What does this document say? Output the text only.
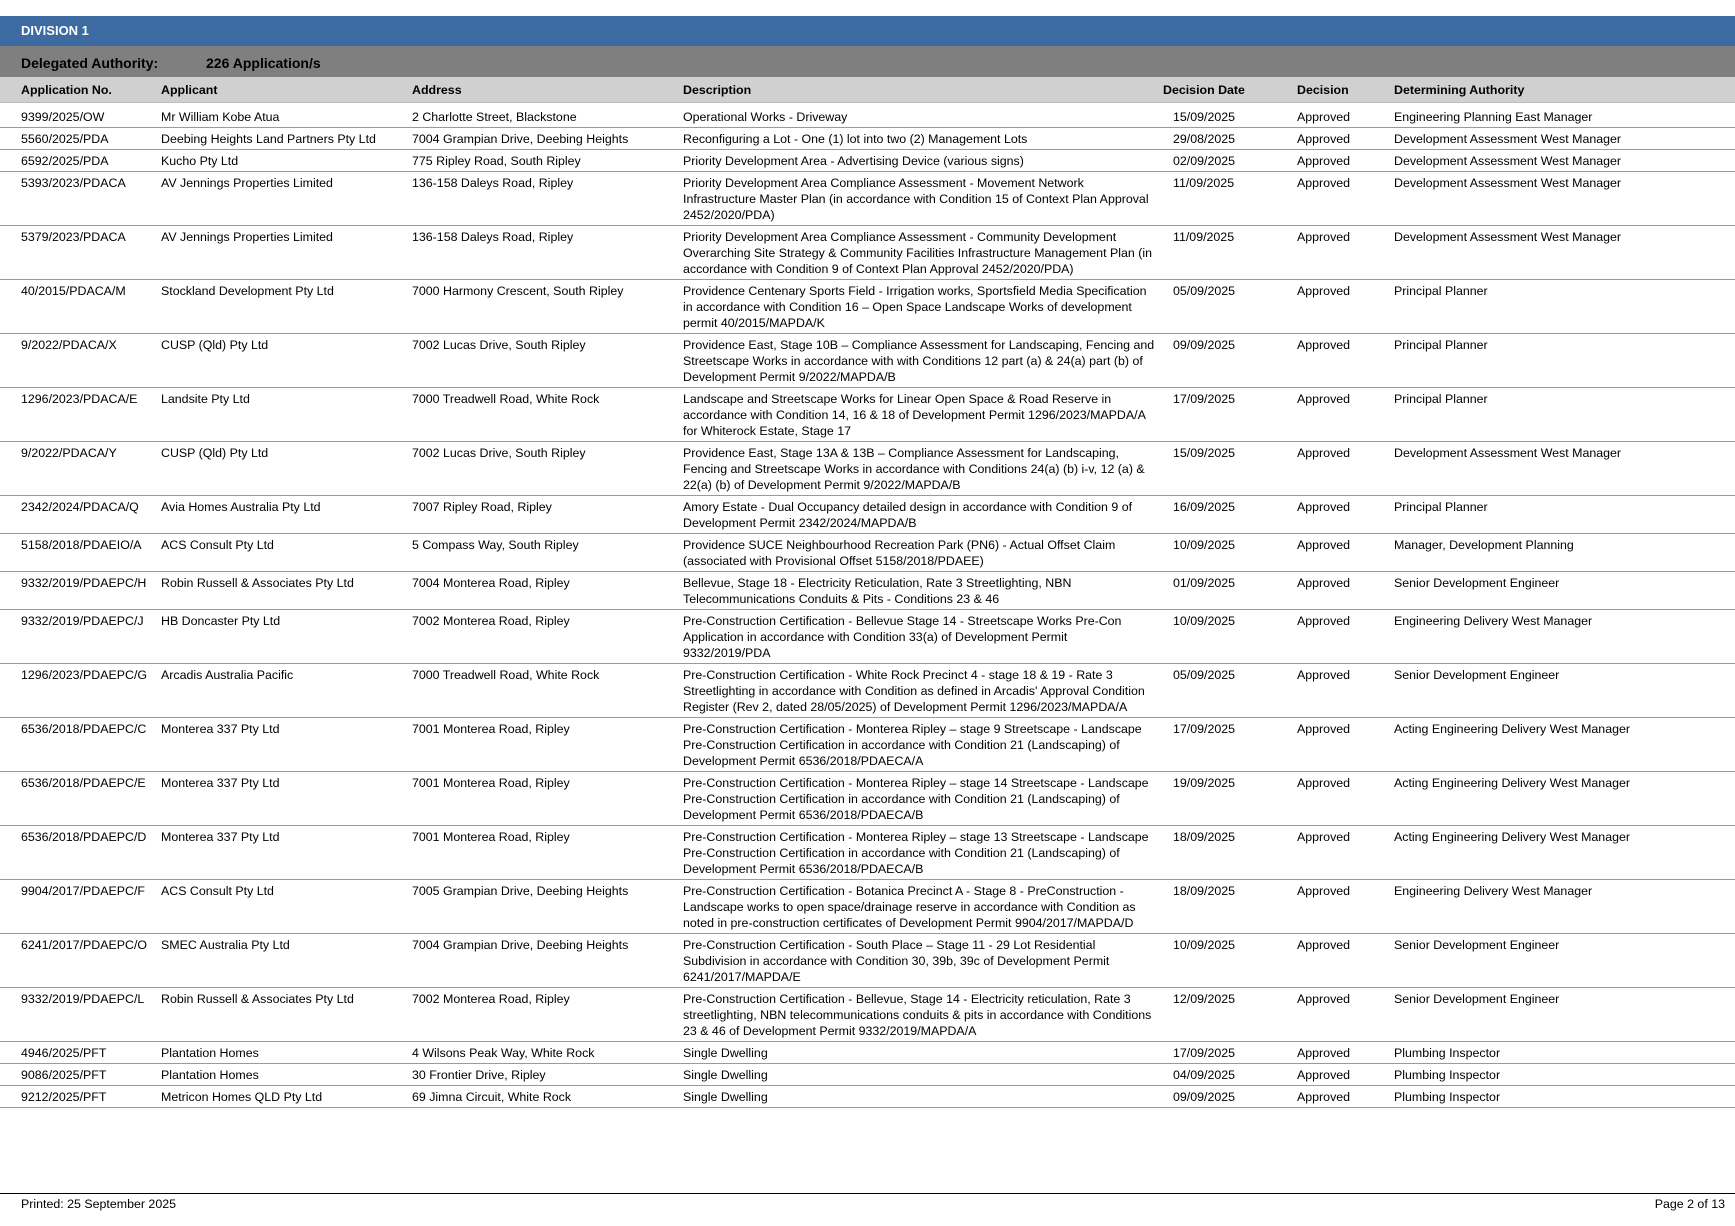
DIVISION 1
Delegated Authority:	226 Application/s
Application No.	Applicant	Address	Description	Decision Date	Decision	Determining Authority
9399/2025/OW	Mr William Kobe Atua	2 Charlotte Street, Blackstone	Operational Works - Driveway	15/09/2025	Approved	Engineering Planning East Manager
5560/2025/PDA	Deebing Heights Land Partners Pty Ltd	7004 Grampian Drive, Deebing Heights	Reconfiguring a Lot - One (1) lot into two (2) Management Lots	29/08/2025	Approved	Development Assessment West Manager
6592/2025/PDA	Kucho Pty Ltd	775 Ripley Road, South Ripley	Priority Development Area - Advertising Device (various signs)	02/09/2025	Approved	Development Assessment West Manager
5393/2023/PDACA	AV Jennings Properties Limited	136-158 Daleys Road, Ripley	Priority Development Area Compliance Assessment - Movement Network Infrastructure Master Plan (in accordance with Condition 15 of Context Plan Approval 2452/2020/PDA)	11/09/2025	Approved	Development Assessment West Manager
5379/2023/PDACA	AV Jennings Properties Limited	136-158 Daleys Road, Ripley	Priority Development Area Compliance Assessment - Community Development Overarching Site Strategy & Community Facilities Infrastructure Management Plan (in accordance with Condition 9 of Context Plan Approval 2452/2020/PDA)	11/09/2025	Approved	Development Assessment West Manager
40/2015/PDACA/M	Stockland Development Pty Ltd	7000 Harmony Crescent, South Ripley	Providence Centenary Sports Field - Irrigation works, Sportsfield Media Specification in accordance with Condition 16 – Open Space Landscape Works of development permit 40/2015/MAPDA/K	05/09/2025	Approved	Principal Planner
9/2022/PDACA/X	CUSP (Qld) Pty Ltd	7002 Lucas Drive, South Ripley	Providence East, Stage 10B – Compliance Assessment for Landscaping, Fencing and Streetscape Works in accordance with with Conditions 12 part (a) & 24(a) part (b) of Development Permit 9/2022/MAPDA/B	09/09/2025	Approved	Principal Planner
1296/2023/PDACA/E	Landsite Pty Ltd	7000 Treadwell Road, White Rock	Landscape and Streetscape Works for Linear Open Space & Road Reserve in accordance with Condition 14, 16 & 18 of Development Permit 1296/2023/MAPDA/A for Whiterock Estate, Stage 17	17/09/2025	Approved	Principal Planner
9/2022/PDACA/Y	CUSP (Qld) Pty Ltd	7002 Lucas Drive, South Ripley	Providence East, Stage 13A & 13B – Compliance Assessment for Landscaping, Fencing and Streetscape Works in accordance with Conditions 24(a) (b) i-v, 12 (a) & 22(a) (b) of Development Permit 9/2022/MAPDA/B	15/09/2025	Approved	Development Assessment West Manager
2342/2024/PDACA/Q	Avia Homes Australia Pty Ltd	7007 Ripley Road, Ripley	Amory Estate - Dual Occupancy detailed design in accordance with Condition 9 of Development Permit 2342/2024/MAPDA/B	16/09/2025	Approved	Principal Planner
5158/2018/PDAEIO/A	ACS Consult Pty Ltd	5 Compass Way, South Ripley	Providence SUCE Neighbourhood Recreation Park (PN6) - Actual Offset Claim (associated with Provisional Offset 5158/2018/PDAEE)	10/09/2025	Approved	Manager, Development Planning
9332/2019/PDAEPC/H	Robin Russell & Associates Pty Ltd	7004 Monterea Road, Ripley	Bellevue, Stage 18 - Electricity Reticulation, Rate 3 Streetlighting, NBN Telecommunications Conduits & Pits - Conditions 23 & 46	01/09/2025	Approved	Senior Development Engineer
9332/2019/PDAEPC/J	HB Doncaster Pty Ltd	7002 Monterea Road, Ripley	Pre-Construction Certification - Bellevue Stage 14 - Streetscape Works Pre-Con Application in accordance with Condition 33(a) of Development Permit 9332/2019/PDA	10/09/2025	Approved	Engineering Delivery West Manager
1296/2023/PDAEPC/G	Arcadis Australia Pacific	7000 Treadwell Road, White Rock	Pre-Construction Certification - White Rock Precinct 4 - stage 18 & 19 - Rate 3 Streetlighting in accordance with Condition as defined in Arcadis' Approval Condition Register (Rev 2, dated 28/05/2025) of Development Permit 1296/2023/MAPDA/A	05/09/2025	Approved	Senior Development Engineer
6536/2018/PDAEPC/C	Monterea 337 Pty Ltd	7001 Monterea Road, Ripley	Pre-Construction Certification - Monterea Ripley – stage 9 Streetscape - Landscape Pre-Construction Certification in accordance with Condition 21 (Landscaping) of Development Permit 6536/2018/PDAECA/A	17/09/2025	Approved	Acting Engineering Delivery West Manager
6536/2018/PDAEPC/E	Monterea 337 Pty Ltd	7001 Monterea Road, Ripley	Pre-Construction Certification - Monterea Ripley – stage 14 Streetscape - Landscape Pre-Construction Certification in accordance with Condition 21 (Landscaping) of Development Permit 6536/2018/PDAECA/B	19/09/2025	Approved	Acting Engineering Delivery West Manager
6536/2018/PDAEPC/D	Monterea 337 Pty Ltd	7001 Monterea Road, Ripley	Pre-Construction Certification - Monterea Ripley – stage 13 Streetscape - Landscape Pre-Construction Certification in accordance with Condition 21 (Landscaping) of Development Permit 6536/2018/PDAECA/B	18/09/2025	Approved	Acting Engineering Delivery West Manager
9904/2017/PDAEPC/F	ACS Consult Pty Ltd	7005 Grampian Drive, Deebing Heights	Pre-Construction Certification - Botanica Precinct A - Stage 8 - PreConstruction - Landscape works to open space/drainage reserve in accordance with Condition as noted in pre-construction certificates of Development Permit 9904/2017/MAPDA/D	18/09/2025	Approved	Engineering Delivery West Manager
6241/2017/PDAEPC/O	SMEC Australia Pty Ltd	7004 Grampian Drive, Deebing Heights	Pre-Construction Certification - South Place – Stage 11 - 29 Lot Residential Subdivision in accordance with Condition 30, 39b, 39c of Development Permit 6241/2017/MAPDA/E	10/09/2025	Approved	Senior Development Engineer
9332/2019/PDAEPC/L	Robin Russell & Associates Pty Ltd	7002 Monterea Road, Ripley	Pre-Construction Certification - Bellevue, Stage 14 - Electricity reticulation, Rate 3 streetlighting, NBN telecommunications conduits & pits in accordance with Conditions 23 & 46 of Development Permit 9332/2019/MAPDA/A	12/09/2025	Approved	Senior Development Engineer
4946/2025/PFT	Plantation Homes	4 Wilsons Peak Way, White Rock	Single Dwelling	17/09/2025	Approved	Plumbing Inspector
9086/2025/PFT	Plantation Homes	30 Frontier Drive, Ripley	Single Dwelling	04/09/2025	Approved	Plumbing Inspector
9212/2025/PFT	Metricon Homes QLD Pty Ltd	69 Jimna Circuit, White Rock	Single Dwelling	09/09/2025	Approved	Plumbing Inspector
Printed: 25 September 2025	Page 2 of 13
